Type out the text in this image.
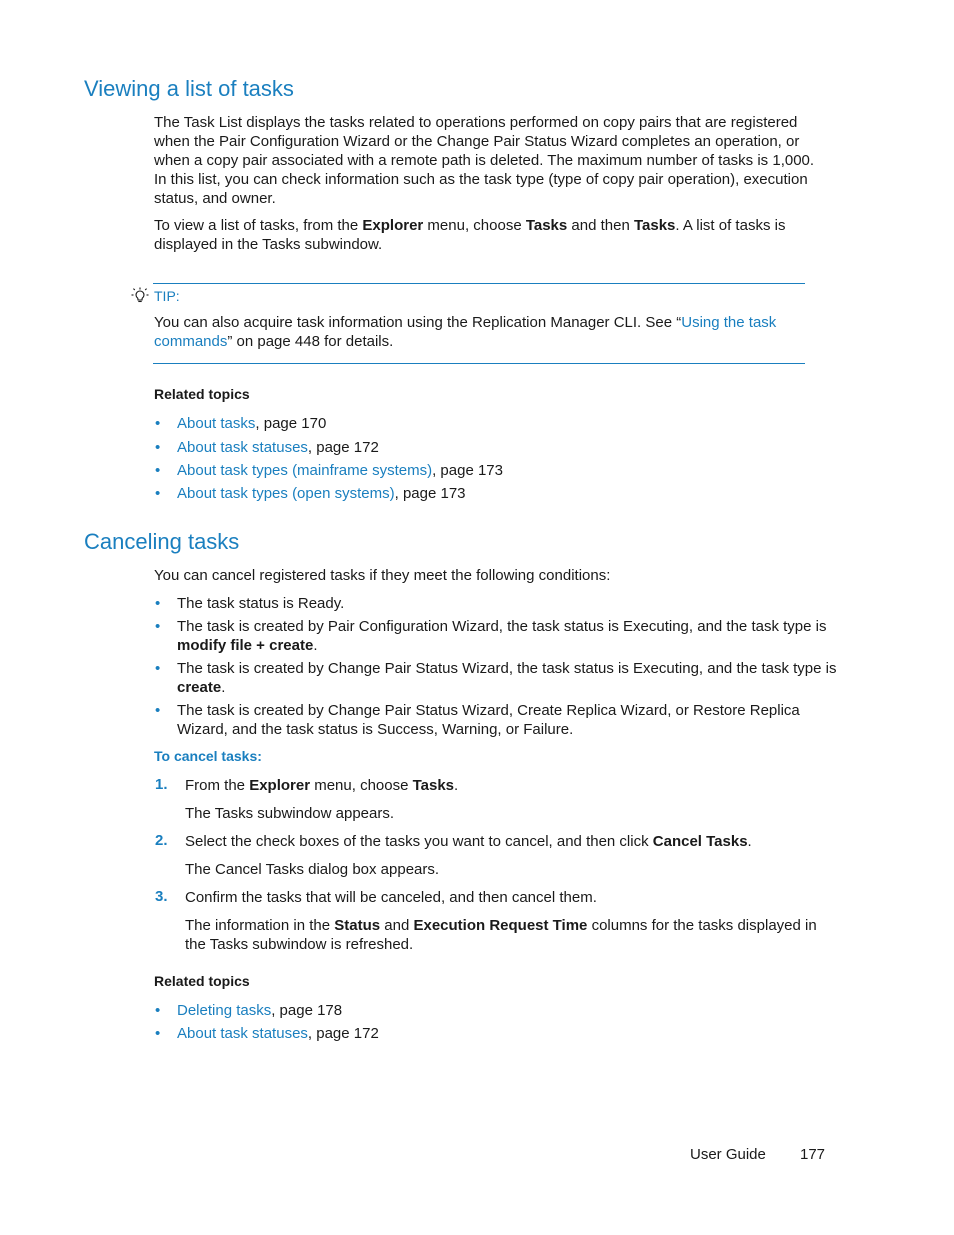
Viewing a list of tasks
The Task List displays the tasks related to operations performed on copy pairs that are registered when the Pair Configuration Wizard or the Change Pair Status Wizard completes an operation, or when a copy pair associated with a remote path is deleted. The maximum number of tasks is 1,000. In this list, you can check information such as the task type (type of copy pair operation), execution status, and owner.
To view a list of tasks, from the Explorer menu, choose Tasks and then Tasks. A list of tasks is displayed in the Tasks subwindow.
TIP:
You can also acquire task information using the Replication Manager CLI. See “Using the task commands” on page 448 for details.
Related topics
• About tasks, page 170
• About task statuses, page 172
• About task types (mainframe systems), page 173
• About task types (open systems), page 173
Canceling tasks
You can cancel registered tasks if they meet the following conditions:
• The task status is Ready.
• The task is created by Pair Configuration Wizard, the task status is Executing, and the task type is modify file + create.
• The task is created by Change Pair Status Wizard, the task status is Executing, and the task type is create.
• The task is created by Change Pair Status Wizard, Create Replica Wizard, or Restore Replica Wizard, and the task status is Success, Warning, or Failure.
To cancel tasks:
1. From the Explorer menu, choose Tasks.
The Tasks subwindow appears.
2. Select the check boxes of the tasks you want to cancel, and then click Cancel Tasks.
The Cancel Tasks dialog box appears.
3. Confirm the tasks that will be canceled, and then cancel them.
The information in the Status and Execution Request Time columns for the tasks displayed in the Tasks subwindow is refreshed.
Related topics
• Deleting tasks, page 178
• About task statuses, page 172
User Guide 177
